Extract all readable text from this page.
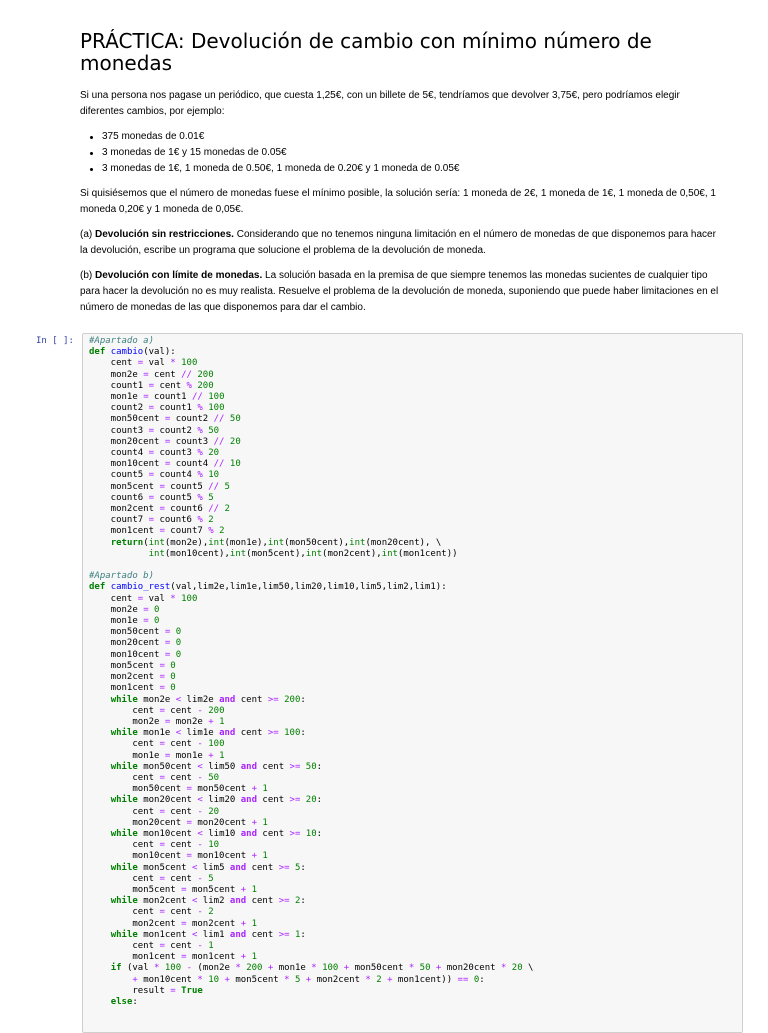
PRÁCTICA: Devolución de cambio con mínimo número de monedas

Si una persona nos pagase un periódico, que cuesta 1,25€, con un billete de 5€, tendríamos que devolver 3,75€, pero podríamos elegir diferentes cambios, por ejemplo:

375 monedas de 0.01€
3 monedas de 1€ y 15 monedas de 0.05€
3 monedas de 1€, 1 moneda de 0.50€, 1 moneda de 0.20€ y 1 moneda de 0.05€

Si quisiésemos que el número de monedas fuese el mínimo posible, la solución sería: 1 moneda de 2€, 1 moneda de 1€, 1 moneda de 0,50€, 1 moneda 0,20€ y 1 moneda de 0,05€.

(a) Devolución sin restricciones. Considerando que no tenemos ninguna limitación en el número de monedas de que disponemos para hacer la devolución, escribe un programa que solucione el problema de la devolución de moneda.

(b) Devolución con límite de monedas. La solución basada en la premisa de que siempre tenemos las monedas sucientes de cualquier tipo para hacer la devolución no es muy realista. Resuelve el problema de la devolución de moneda, suponiendo que puede haber limitaciones en el número de monedas de las que disponemos para dar el cambio.

In [ ]:	#Apartado a)
def cambio(val):
cent = val * 100
mon2e = cent // 200
count1 = cent % 200
mon1e = count1 // 100
count2 = count1 % 100
mon50cent = count2 // 50
count3 = count2 % 50
mon20cent = count3 // 20
count4 = count3 % 20
mon10cent = count4 // 10
count5 = count4 % 10
mon5cent = count5 // 5
count6 = count5 % 5
mon2cent = count6 // 2
count7 = count6 % 2
mon1cent = count7 % 2
return(int(mon2e),int(mon1e),int(mon50cent),int(mon20cent), \
int(mon10cent),int(mon5cent),int(mon2cent),int(mon1cent))

#Apartado b)
def cambio_rest(val,lim2e,lim1e,lim50,lim20,lim10,lim5,lim2,lim1):
cent = val * 100
mon2e = 0
mon1e = 0
mon50cent = 0
mon20cent = 0
mon10cent = 0
mon5cent = 0
mon2cent = 0
mon1cent = 0
while mon2e < lim2e and cent >= 200:
cent = cent - 200
mon2e = mon2e + 1
while mon1e < lim1e and cent >= 100:
cent = cent - 100
mon1e = mon1e + 1
while mon50cent < lim50 and cent >= 50:
cent = cent - 50
mon50cent = mon50cent + 1
while mon20cent < lim20 and cent >= 20:
cent = cent - 20
mon20cent = mon20cent + 1
while mon10cent < lim10 and cent >= 10:
cent = cent - 10
mon10cent = mon10cent + 1
while mon5cent < lim5 and cent >= 5:
cent = cent - 5
mon5cent = mon5cent + 1
while mon2cent < lim2 and cent >= 2:
cent = cent - 2
mon2cent = mon2cent + 1
while mon1cent < lim1 and cent >= 1:
cent = cent - 1
mon1cent = mon1cent + 1
if (val * 100 - (mon2e * 200 + mon1e * 100 + mon50cent * 50 + mon20cent * 20 \
+ mon10cent * 10 + mon5cent * 5 + mon2cent * 2 + mon1cent)) == 0:
result = True
else:
